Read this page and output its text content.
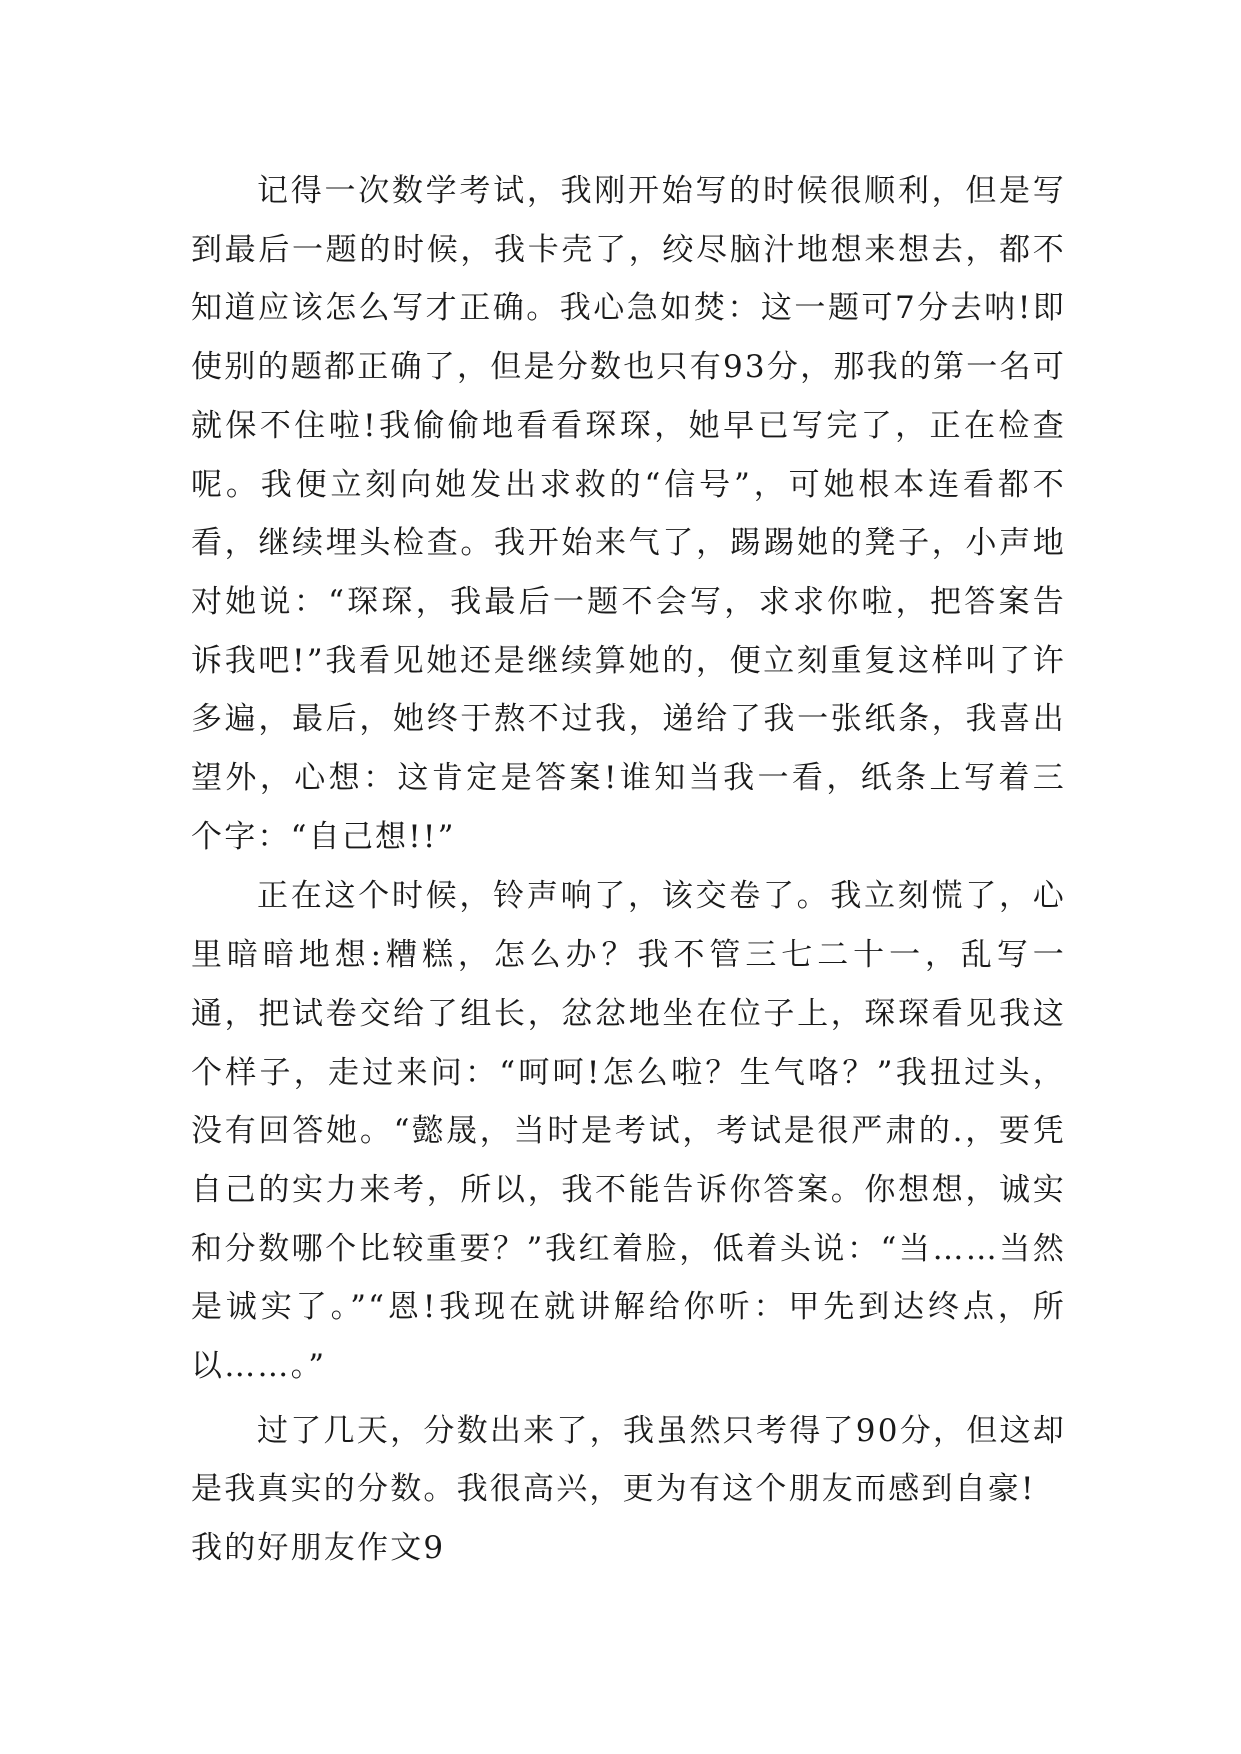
记得一次数学考试，我刚开始写的时候很顺利，但是写到最后一题的时候，我卡壳了，绞尽脑汁地想来想去，都不知道应该怎么写才正确。我心急如焚：这一题可7分去呐!即使别的题都正确了，但是分数也只有93分，那我的第一名可就保不住啦!我偷偷地看看琛琛，她早已写完了，正在检查呢。我便立刻向她发出求救的“信号”，可她根本连看都不看，继续埋头检查。我开始来气了，踢踢她的凳子，小声地对她说：“琛琛，我最后一题不会写，求求你啦，把答案告诉我吧!”我看见她还是继续算她的，便立刻重复这样叫了许多遍，最后，她终于熬不过我，递给了我一张纸条，我喜出望外，心想：这肯定是答案!谁知当我一看，纸条上写着三个字：“自己想!!”

正在这个时候，铃声响了，该交卷了。我立刻慌了，心里暗暗地想:糟糕，怎么办？我不管三七二十一，乱写一通，把试卷交给了组长，忿忿地坐在位子上，琛琛看见我这个样子，走过来问：“呵呵!怎么啦？生气咯？”我扭过头，没有回答她。“懿晟，当时是考试，考试是很严肃的.，要凭自己的实力来考，所以，我不能告诉你答案。你想想，诚实和分数哪个比较重要？”我红着脸，低着头说：“当……当然是诚实了。”“恩!我现在就讲解给你听：甲先到达终点，所以……。”

过了几天，分数出来了，我虽然只考得了90分，但这却是我真实的分数。我很高兴，更为有这个朋友而感到自豪!

我的好朋友作文9
